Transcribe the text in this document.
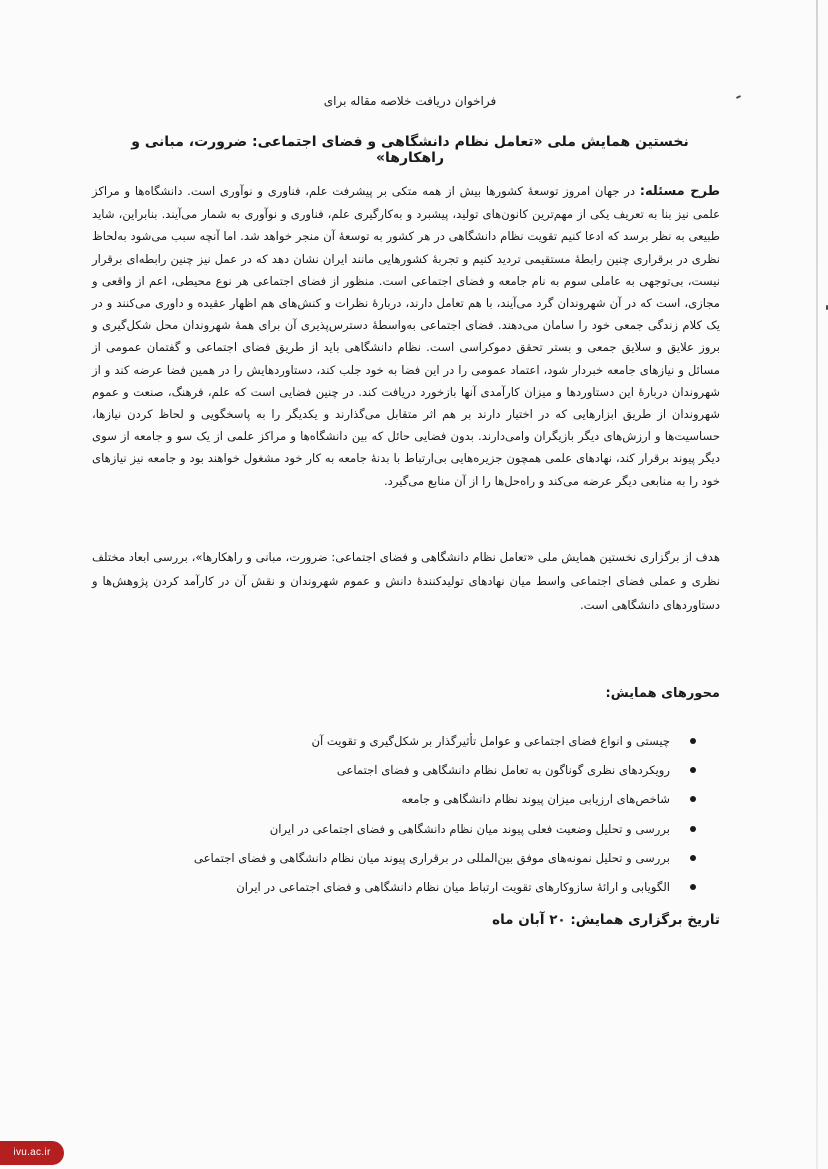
فراخوان دریافت خلاصه مقاله برای
نخستین همایش ملی «تعامل نظام دانشگاهی و فضای اجتماعی: ضرورت، مبانی و راهکارها»
طرح مسئله: در جهان امروز توسعهٔ کشورها بیش از همه متکی بر پیشرفت علم، فناوری و نوآوری است. دانشگاه‌ها و مراکز علمی نیز بنا به تعریف یکی از مهم‌ترین کانون‌های تولید، پیشبرد و به‌کارگیری علم، فناوری و نوآوری به شمار می‌آیند. بنابراین، شاید طبیعی به نظر برسد که ادعا کنیم تقویت نظام دانشگاهی در هر کشور به توسعهٔ آن منجر خواهد شد. اما آنچه سبب می‌شود به‌لحاظ نظری در برقراری چنین رابطهٔ مستقیمی تردید کنیم و تجربهٔ کشورهایی مانند ایران نشان دهد که در عمل نیز چنین رابطه‌ای برقرار نیست، بی‌توجهی به عاملی سوم به نام جامعه و فضای اجتماعی است. منظور از فضای اجتماعی هر نوع محیطی، اعم از واقعی و مجازی، است که در آن شهروندان گرد می‌آیند، با هم تعامل دارند، دربارهٔ نظرات و کنش‌های هم اظهار عقیده و داوری می‌کنند و در یک کلام زندگی جمعی خود را سامان می‌دهند. فضای اجتماعی به‌واسطهٔ دسترس‌پذیری آن برای همهٔ شهروندان محل شکل‌گیری و بروز علایق و سلایق جمعی و بستر تحقق دموکراسی است. نظام دانشگاهی باید از طریق فضای اجتماعی و گفتمان عمومی از مسائل و نیازهای جامعه خبردار شود، اعتماد عمومی را در این فضا به خود جلب کند، دستاوردهایش را در همین فضا عرضه کند و از شهروندان دربارهٔ این دستاوردها و میزان کارآمدی آنها بازخورد دریافت کند. در چنین فضایی است که علم، فرهنگ، صنعت و عموم شهروندان از طریق ابزارهایی که در اختیار دارند بر هم اثر متقابل می‌گذارند و یکدیگر را به پاسخگویی و لحاظ کردن نیازها، حساسیت‌ها و ارزش‌های دیگر بازیگران وامی‌دارند. بدون فضایی حائل که بین دانشگاه‌ها و مراکز علمی از یک سو و جامعه از سوی دیگر پیوند برقرار کند، نهادهای علمی همچون جزیره‌هایی بی‌ارتباط با بدنهٔ جامعه به کار خود مشغول خواهند بود و جامعه نیز نیازهای خود را به منابعی دیگر عرضه می‌کند و راه‌حل‌ها را از آن منابع می‌گیرد.
هدف از برگزاری نخستین همایش ملی «تعامل نظام دانشگاهی و فضای اجتماعی: ضرورت، مبانی و راهکارها»، بررسی ابعاد مختلف نظری و عملی فضای اجتماعی واسط میان نهادهای تولیدکنندهٔ دانش و عموم شهروندان و نقش آن در کارآمد کردن پژوهش‌ها و دستاوردهای دانشگاهی است.
محورهای همایش:
چیستی و انواع فضای اجتماعی و عوامل تأثیرگذار بر شکل‌گیری و تقویت آن
رویکردهای نظری گوناگون به تعامل نظام دانشگاهی و فضای اجتماعی
شاخص‌های ارزیابی میزان پیوند نظام دانشگاهی و جامعه
بررسی و تحلیل وضعیت فعلی پیوند میان نظام دانشگاهی و فضای اجتماعی در ایران
بررسی و تحلیل نمونه‌های موفق بین‌المللی در برقراری پیوند میان نظام دانشگاهی و فضای اجتماعی
الگویابی و ارائهٔ سازوکارهای تقویت ارتباط میان نظام دانشگاهی و فضای اجتماعی در ایران
تاریخ برگزاری همایش: ۲۰ آبان ماه
ivu.ac.ir
